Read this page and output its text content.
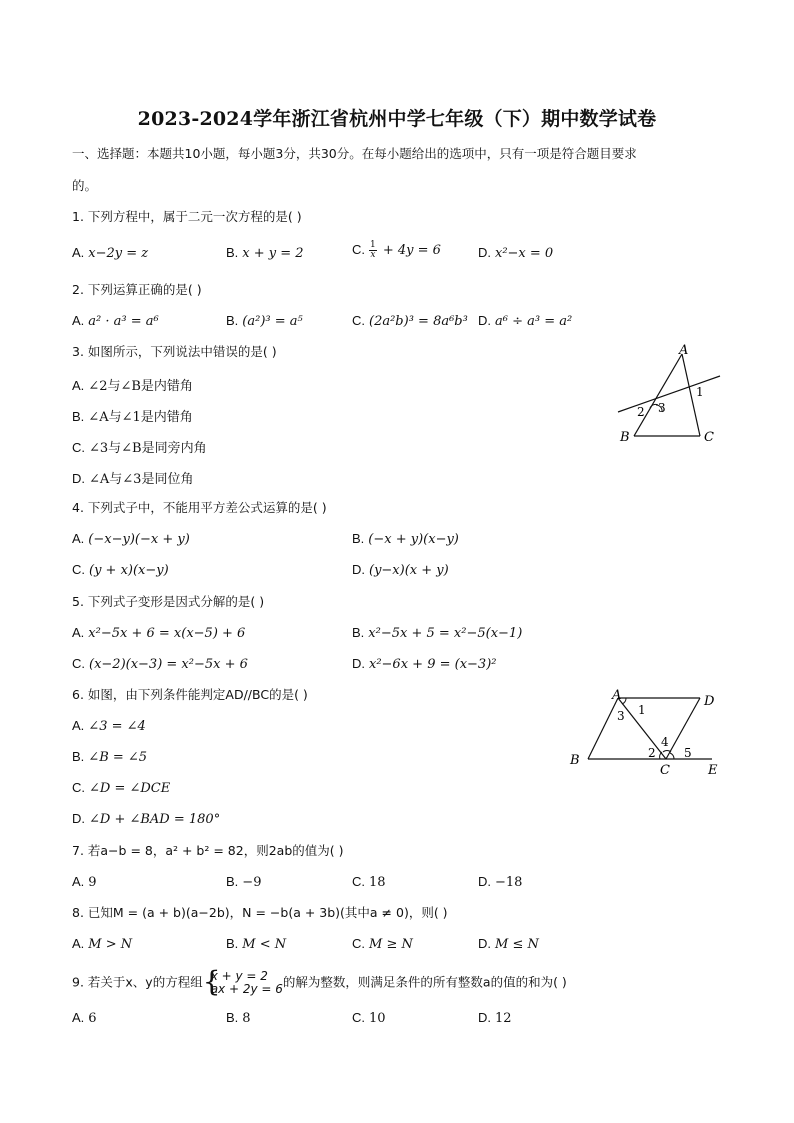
2023-2024学年浙江省杭州中学七年级（下）期中数学试卷
一、选择题：本题共10小题，每小题3分，共30分。在每小题给出的选项中，只有一项是符合题目要求
的。
1. 下列方程中，属于二元一次方程的是( )
A. x−2y = z	B. x + y = 2	C. $\frac{1}{x} + 4y = 6$	D. x²−x = 0
2. 下列运算正确的是( )
A. a² · a³ = a⁶	B. (a²)³ = a⁵	C. (2a²b)³ = 8a⁶b³ D. a⁶ ÷ a³ = a²
3. 如图所示，下列说法中错误的是( )
A. ∠2与∠B是内错角
B. ∠A与∠1是内错角
C. ∠3与∠B是同旁内角
D. ∠A与∠3是同位角
A
B	C
1
2 3
4. 下列式子中，不能用平方差公式运算的是( )
A. (−x−y)(−x + y)	B. (−x + y)(x−y)
C. (y + x)(x−y)	D. (y−x)(x + y)
5. 下列式子变形是因式分解的是( )
A. x²−5x + 6 = x(x−5) + 6	B. x²−5x + 5 = x²−5(x−1)
C. (x−2)(x−3) = x²−5x + 6	D. x²−6x + 9 = (x−3)²
6. 如图，由下列条件能判定AD//BC的是( )
A. ∠3 = ∠4
B. ∠B = ∠5
C. ∠D = ∠DCE
D. ∠D + ∠BAD = 180°
A	D
B
C	E
1
2
3
4
5
7. 若a−b = 8，a² + b² = 82，则2ab的值为( )
A. 9	B. −9	C. 18	D. −18
8. 已知M = (a + b)(a−2b)，N = −b(a + 3b)(其中a ≠ 0)，则( )
A. M > N	B. M < N	C. M ≥ N	D. M ≤ N
9. 若关于x、y的方程组 {
x + y = 2
ax + 2y = 6 的解为整数，则满足条件的所有整数a的值的和为( )
A. 6	B. 8	C. 10	D. 12
